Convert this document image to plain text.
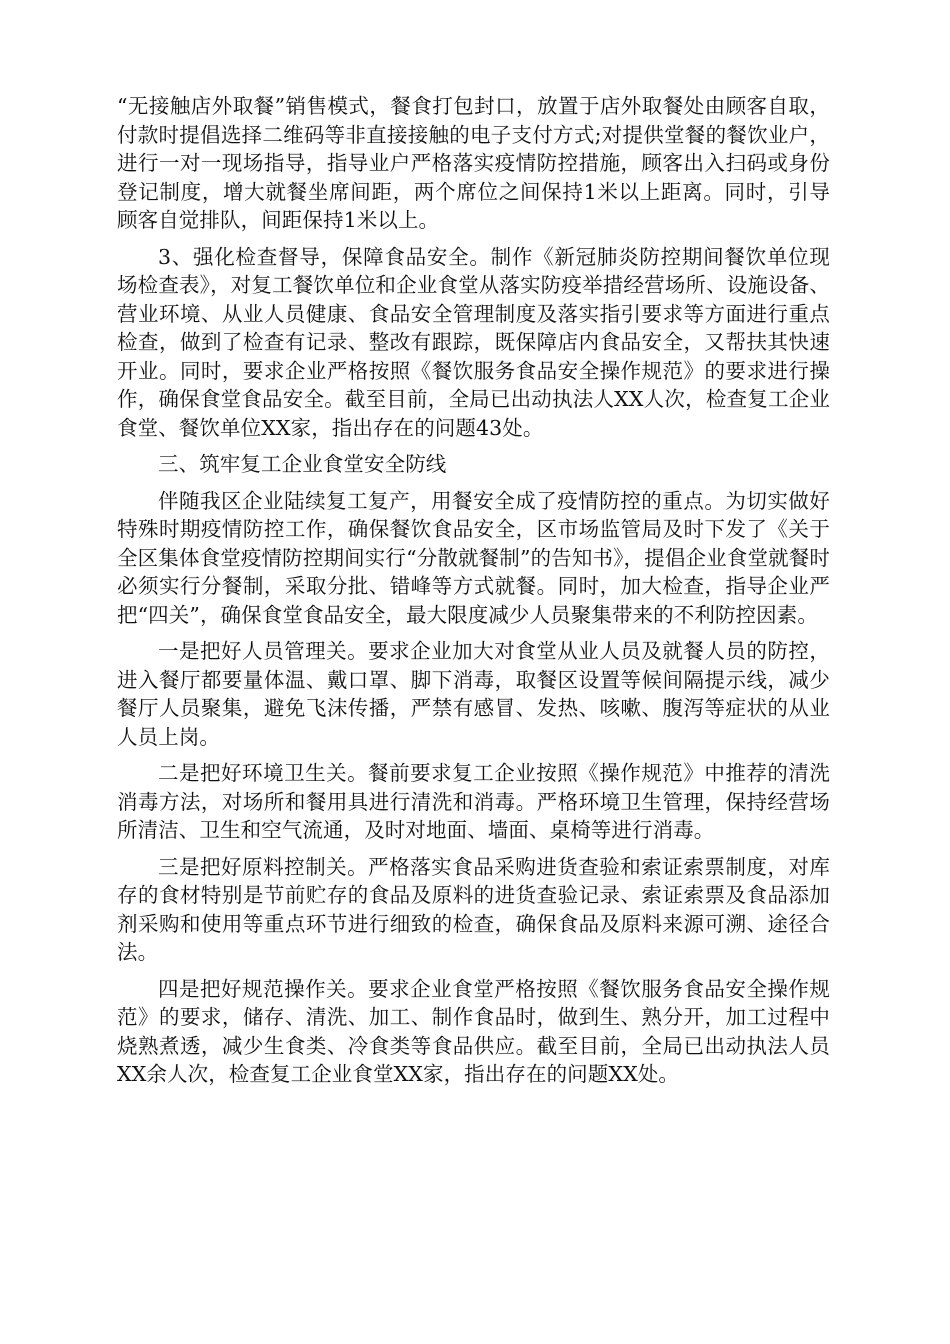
“无接触店外取餐”销售模式，餐食打包封口，放置于店外取餐处由顾客自取，付款时提倡选择二维码等非直接接触的电子支付方式;对提供堂餐的餐饮业户，进行一对一现场指导，指导业户严格落实疫情防控措施，顾客出入扫码或身份登记制度，增大就餐坐席间距，两个席位之间保持1米以上距离。同时，引导顾客自觉排队，间距保持1米以上。

3、强化检查督导，保障食品安全。制作《新冠肺炎防控期间餐饮单位现场检查表》，对复工餐饮单位和企业食堂从落实防疫举措经营场所、设施设备、营业环境、从业人员健康、食品安全管理制度及落实指引要求等方面进行重点检查，做到了检查有记录、整改有跟踪，既保障店内食品安全，又帮扶其快速开业。同时，要求企业严格按照《餐饮服务食品安全操作规范》的要求进行操作，确保食堂食品安全。截至目前，全局已出动执法人XX人次，检查复工企业食堂、餐饮单位XX家，指出存在的问题43处。

三、筑牢复工企业食堂安全防线

伴随我区企业陆续复工复产，用餐安全成了疫情防控的重点。为切实做好特殊时期疫情防控工作，确保餐饮食品安全，区市场监管局及时下发了《关于全区集体食堂疫情防控期间实行“分散就餐制”的告知书》，提倡企业食堂就餐时必须实行分餐制，采取分批、错峰等方式就餐。同时，加大检查，指导企业严把“四关”，确保食堂食品安全，最大限度减少人员聚集带来的不利防控因素。

一是把好人员管理关。要求企业加大对食堂从业人员及就餐人员的防控，进入餐厅都要量体温、戴口罩、脚下消毒，取餐区设置等候间隔提示线，减少餐厅人员聚集，避免飞沫传播，严禁有感冒、发热、咳嗽、腹泻等症状的从业人员上岗。

二是把好环境卫生关。餐前要求复工企业按照《操作规范》中推荐的清洗消毒方法，对场所和餐用具进行清洗和消毒。严格环境卫生管理，保持经营场所清洁、卫生和空气流通，及时对地面、墙面、桌椅等进行消毒。

三是把好原料控制关。严格落实食品采购进货查验和索证索票制度，对库存的食材特别是节前贮存的食品及原料的进货查验记录、索证索票及食品添加剂采购和使用等重点环节进行细致的检查，确保食品及原料来源可溯、途径合法。

四是把好规范操作关。要求企业食堂严格按照《餐饮服务食品安全操作规范》的要求，储存、清洗、加工、制作食品时，做到生、熟分开，加工过程中烧熟煮透，减少生食类、冷食类等食品供应。截至目前，全局已出动执法人员XX余人次，检查复工企业食堂XX家，指出存在的问题XX处。
